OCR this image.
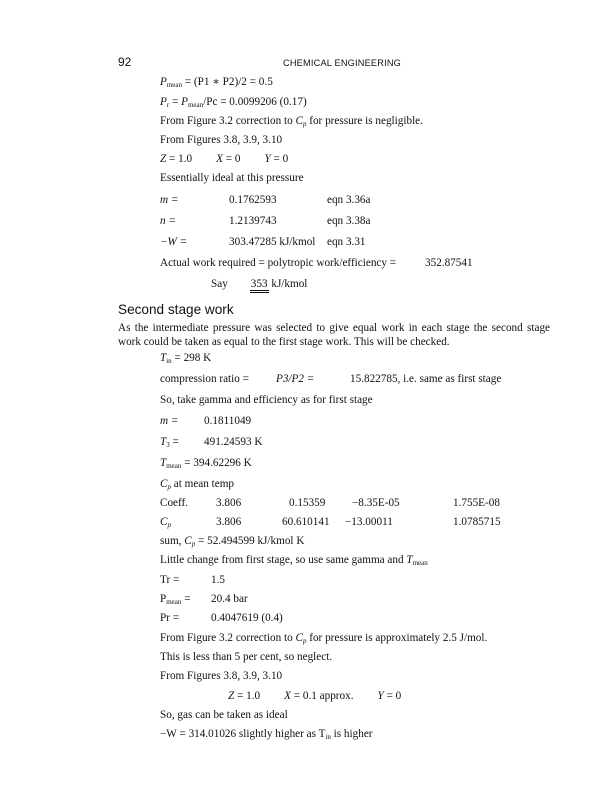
92	CHEMICAL ENGINEERING
$P_{mean} = (P1$ ∗ P2)/2 = 0.5
$P_r = P_{mean}/Pc = 0.0099206$ (0.17)
From Figure 3.2 correction to $C_p$ for pressure is negligible.
From Figures 3.8, 3.9, 3.10
Z = 1.0 X = 0 Y = 0
Essentially ideal at this pressure
m =	0.1762593	eqn 3.36a
n =	1.2139743	eqn 3.38a
−W =	303.47285 kJ/kmol eqn 3.31
Actual work required = polytropic work/efficiency =	352.87541
Say 353 kJ/kmol
Second stage work
As the intermediate pressure was selected to give equal work in each stage the second stage work could be taken as equal to the first stage work. This will be checked.
$T_{in} = 298$ K
compression ratio = P3/P2 =	15.822785, i.e. same as first stage
So, take gamma and efficiency as for first stage
m = 0.1811049
$T_3 = 491.24593$ K
$T_{mean} = 394.62296$ K
$C_p$ at mean temp
Coeff. 3.806	0.15359 −8.35E-05	1.755E-08
$C_p$	3.806	60.610141 −13.00011	1.0785715
sum, $C_p = 52.494599$ kJ/kmol K
Little change from first stage, so use same gamma and $T_{mean}$
Tr =	1.5
$P_{mean} = 20.4$ bar
Pr =	0.4047619 (0.4)
From Figure 3.2 correction to $C_p$ for pressure is approximately 2.5 J/mol.
This is less than 5 per cent, so neglect.
From Figures 3.8, 3.9, 3.10
Z = 1.0 X = 0.1 approx. Y = 0
So, gas can be taken as ideal
−W = 314.01026 slightly higher as $T_{in}$ is higher
